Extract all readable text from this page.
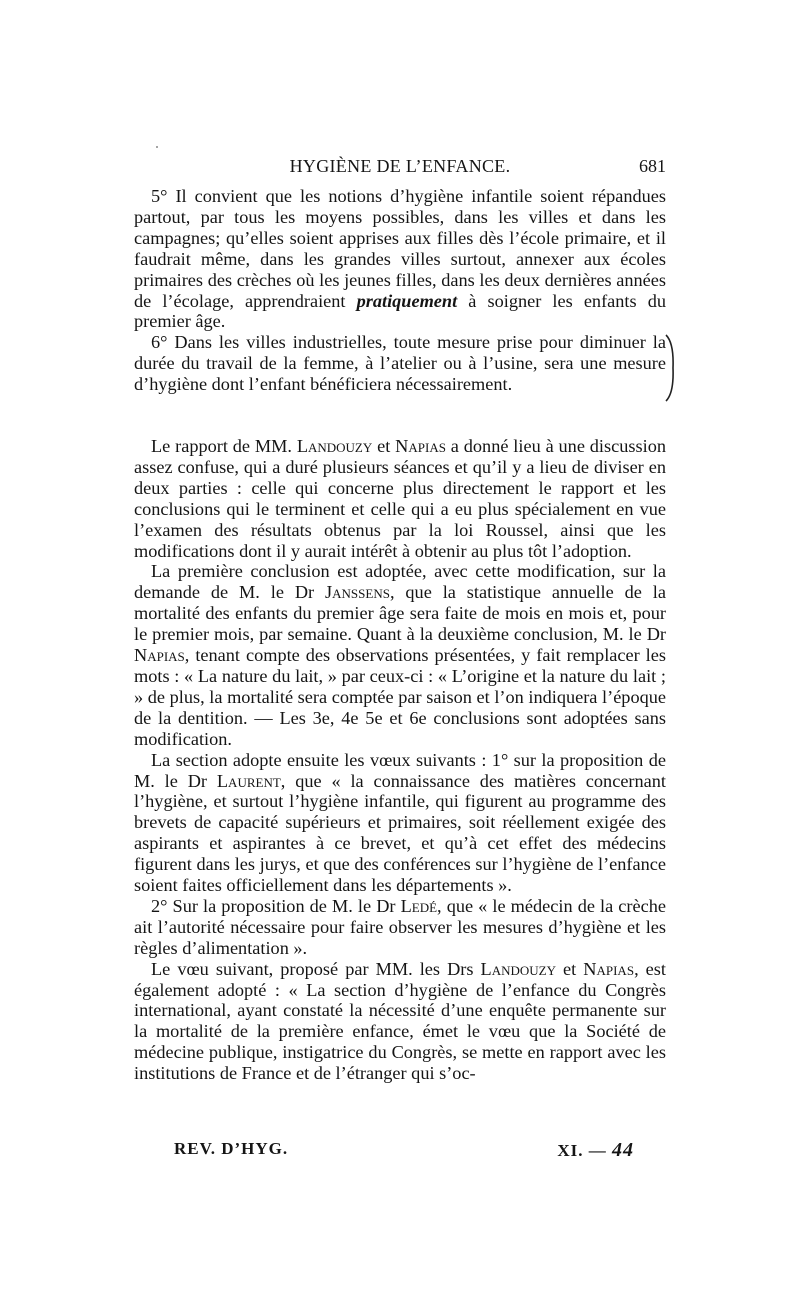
HYGIÈNE DE L’ENFANCE.	681

5° Il convient que les notions d’hygiène infantile soient répandues partout, par tous les moyens possibles, dans les villes et dans les campagnes; qu’elles soient apprises aux filles dès l’école primaire, et il faudrait même, dans les grandes villes surtout, annexer aux écoles primaires des crèches où les jeunes filles, dans les deux dernières années de l’écolage, apprendraient pratiquement à soigner les enfants du premier âge.

6° Dans les villes industrielles, toute mesure prise pour diminuer la durée du travail de la femme, à l’atelier ou à l’usine, sera une mesure d’hygiène dont l’enfant bénéficiera nécessairement.

Le rapport de MM. Landouzy et Napias a donné lieu à une discussion assez confuse, qui a duré plusieurs séances et qu’il y a lieu de diviser en deux parties : celle qui concerne plus directement le rapport et les conclusions qui le terminent et celle qui a eu plus spécialement en vue l’examen des résultats obtenus par la loi Roussel, ainsi que les modifications dont il y aurait intérêt à obtenir au plus tôt l’adoption.

La première conclusion est adoptée, avec cette modification, sur la demande de M. le Dr Janssens, que la statistique annuelle de la mortalité des enfants du premier âge sera faite de mois en mois et, pour le premier mois, par semaine. Quant à la deuxième conclusion, M. le Dr Napias, tenant compte des observations présentées, y fait remplacer les mots : « La nature du lait, » par ceux-ci : « L’origine et la nature du lait ; » de plus, la mortalité sera comptée par saison et l’on indiquera l’époque de la dentition. — Les 3e, 4e 5e et 6e conclusions sont adoptées sans modification.

La section adopte ensuite les vœux suivants : 1° sur la proposition de M. le Dr Laurent, que « la connaissance des matières concernant l’hygiène, et surtout l’hygiène infantile, qui figurent au programme des brevets de capacité supérieurs et primaires, soit réellement exigée des aspirants et aspirantes à ce brevet, et qu’à cet effet des médecins figurent dans les jurys, et que des conférences sur l’hygiène de l’enfance soient faites officiellement dans les départements ».

2° Sur la proposition de M. le Dr Ledé, que « le médecin de la crèche ait l’autorité nécessaire pour faire observer les mesures d’hygiène et les règles d’alimentation ».

Le vœu suivant, proposé par MM. les Drs Landouzy et Napias, est également adopté : « La section d’hygiène de l’enfance du Congrès international, ayant constaté la nécessité d’une enquête permanente sur la mortalité de la première enfance, émet le vœu que la Société de médecine publique, instigatrice du Congrès, se mette en rapport avec les institutions de France et de l’étranger qui s’oc-

REV. D’HYG.	XI. — 44
